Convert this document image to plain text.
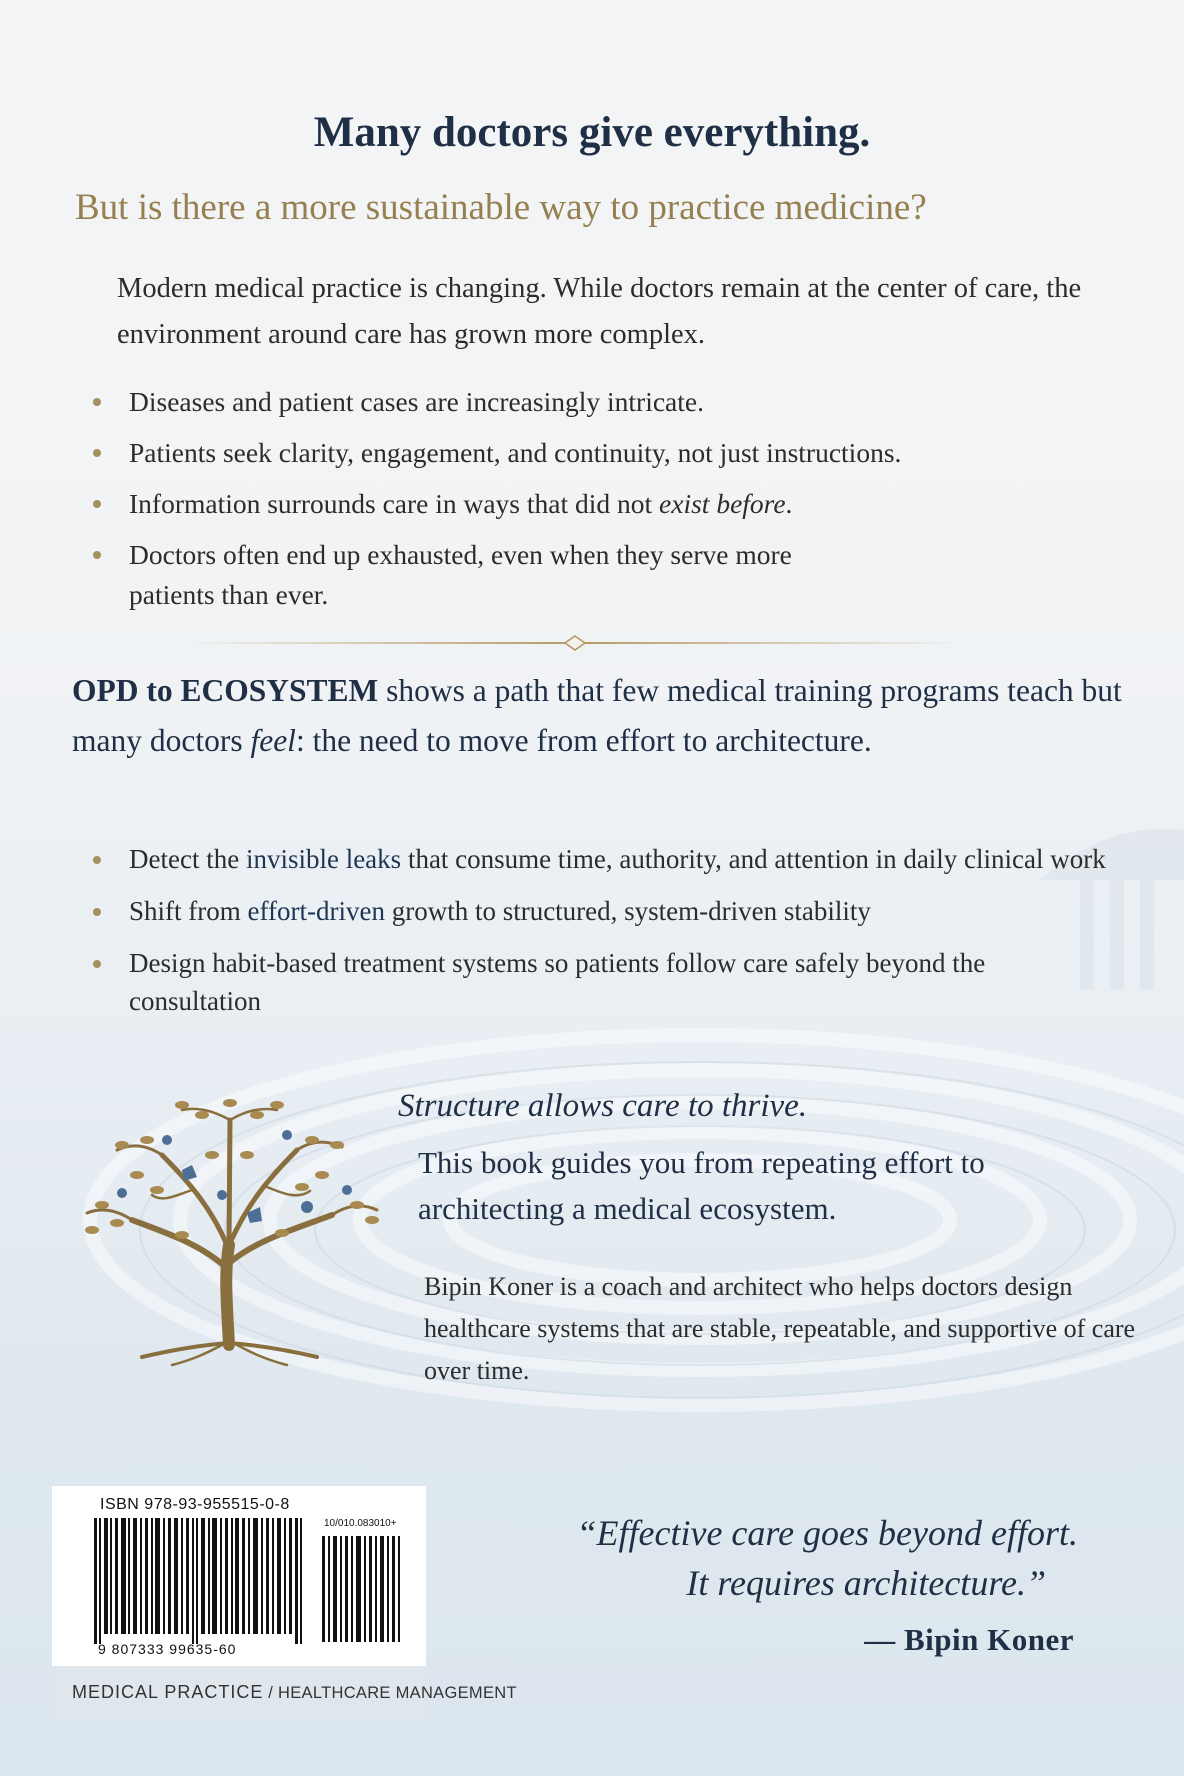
Many doctors give everything.

But is there a more sustainable way to practice medicine?

Modern medical practice is changing. While doctors remain at the center of care, the environment around care has grown more complex.

Diseases and patient cases are increasingly intricate.
Patients seek clarity, engagement, and continuity, not just instructions.
Information surrounds care in ways that did not exist before.
Doctors often end up exhausted, even when they serve more patients than ever.

OPD to ECOSYSTEM shows a path that few medical training programs teach but many doctors feel: the need to move from effort to architecture.

Detect the invisible leaks that consume time, authority, and attention in daily clinical work
Shift from effort-driven growth to structured, system-driven stability
Design habit-based treatment systems so patients follow care safely beyond the consultation

Structure allows care to thrive.

This book guides you from repeating effort to architecting a medical ecosystem.

Bipin Koner is a coach and architect who helps doctors design healthcare systems that are stable, repeatable, and supportive of care over time.

ISBN 978-93-955515-0-8

10/010.083010+

9 807333 99635-60

MEDICAL PRACTICE / HEALTHCARE MANAGEMENT

“Effective care goes beyond effort.
It requires architecture.”

— Bipin Koner
